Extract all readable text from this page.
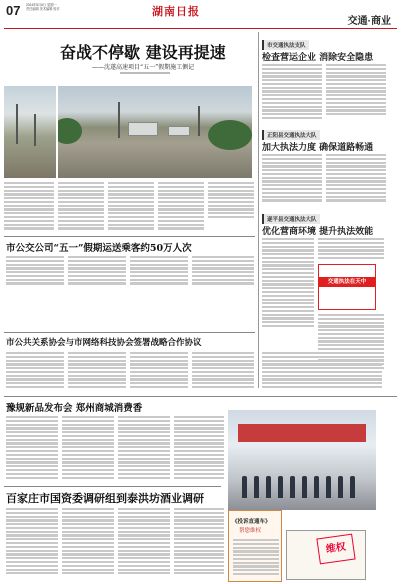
07 2024年5月6日 星期一
责任编辑 美术编辑 校对	湖南日报
交通·商业
奋战不停歇 建设再提速
——沈遂高速项目“五一”假期施工侧记
市交通执法支队
检查营运企业 消除安全隐患
正阳县交通执法大队
加大执法力度 确保道路畅通
遂平县交通执法大队
优化营商环境 提升执法效能
交通执法在天中
市公交公司“五一”假期运送乘客约50万人次
市公共关系协会与市网络科技协会签署战略合作协议
豫规新品发布会 郑州商城消费香
百家庄市国资委调研组到泰洪坊酒业调研
《投诉直通车》
帮您维权
维权
